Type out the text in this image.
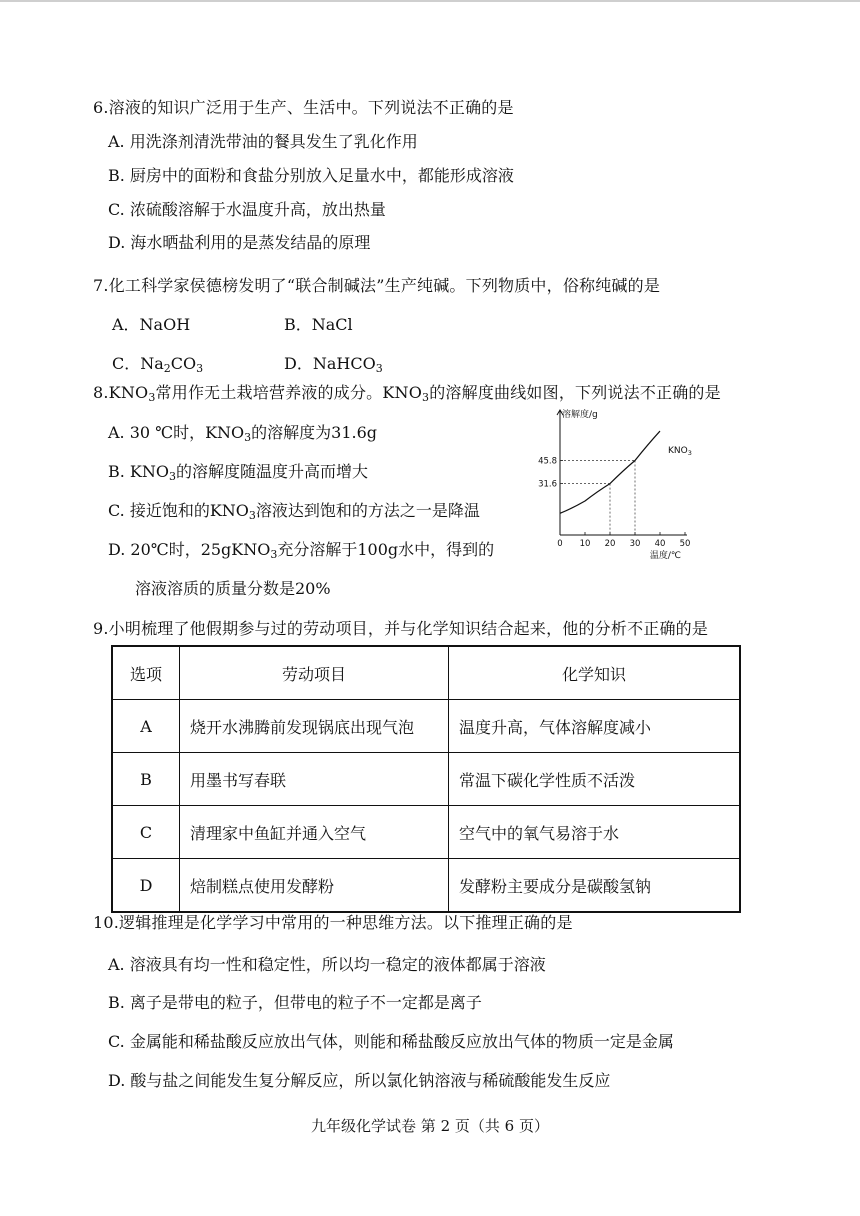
6.溶液的知识广泛用于生产、生活中。下列说法不正确的是
A. 用洗涤剂清洗带油的餐具发生了乳化作用
B. 厨房中的面粉和食盐分别放入足量水中，都能形成溶液
C. 浓硫酸溶解于水温度升高，放出热量
D. 海水晒盐利用的是蒸发结晶的原理
7.化工科学家侯德榜发明了“联合制碱法”生产纯碱。下列物质中，俗称纯碱的是
A．NaOH	B．NaCl
C．$Na_2CO_3$	D．NaHCO$_3$
$8.KNO_3$常用作无土栽培营养液的成分。$KNO_3$的溶解度曲线如图，下列说法不正确的是
A. 30 ℃时，$KNO_3$的溶解度为31.6g
B. $KNO_3$的溶解度随温度升高而增大
C. 接近饱和的$KNO_3$溶液达到饱和的方法之一是降温
D. 20℃时，25gKNO$_3$充分溶解于100g水中，得到的
溶液溶质的质量分数是20%
0 10 20 30 40 50
31.6
45.8
$KNO_3$
溶解度/g
温度/℃
9.小明梳理了他假期参与过的劳动项目，并与化学知识结合起来，他的分析不正确的是
选项	劳动项目	化学知识
A	烧开水沸腾前发现锅底出现气泡	温度升高，气体溶解度减小
B	用墨书写春联	常温下碳化学性质不活泼
C	清理家中鱼缸并通入空气	空气中的氧气易溶于水
D	焙制糕点使用发酵粉	发酵粉主要成分是碳酸氢钠
10.逻辑推理是化学学习中常用的一种思维方法。以下推理正确的是
A. 溶液具有均一性和稳定性，所以均一稳定的液体都属于溶液
B. 离子是带电的粒子，但带电的粒子不一定都是离子
C. 金属能和稀盐酸反应放出气体，则能和稀盐酸反应放出气体的物质一定是金属
D. 酸与盐之间能发生复分解反应，所以氯化钠溶液与稀硫酸能发生反应
九年级化学试卷 第 2 页（共 6 页）
